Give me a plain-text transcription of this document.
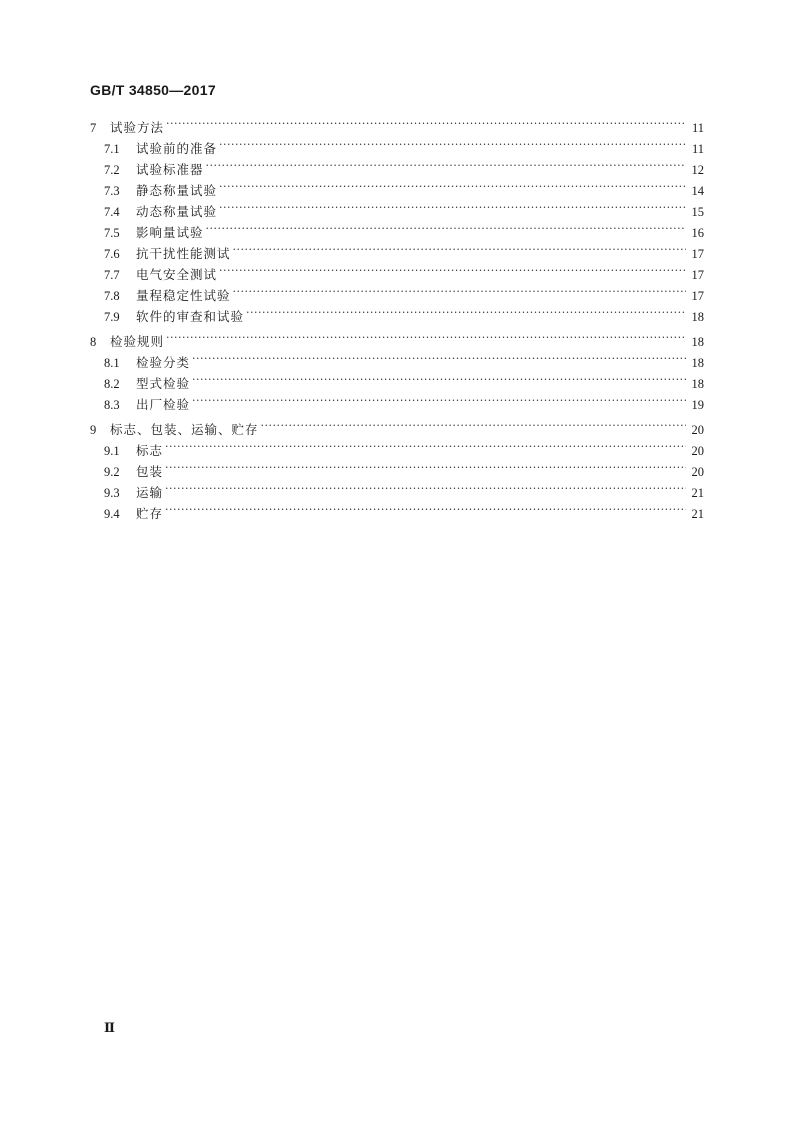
GB/T 34850—2017
7	试验方法 ·····	11
7.1	试验前的准备 ·····	11
7.2	试验标准器 ·····	12
7.3	静态称量试验 ·····	14
7.4	动态称量试验 ·····	15
7.5	影响量试验 ·····	16
7.6	抗干扰性能测试 ·····	17
7.7	电气安全测试 ·····	17
7.8	量程稳定性试验 ·····	17
7.9	软件的审查和试验 ·····	18
8	检验规则 ·····	18
8.1	检验分类 ·····	18
8.2	型式检验 ·····	18
8.3	出厂检验 ·····	19
9	标志、包装、运输、贮存 ·····	20
9.1	标志 ·····	20
9.2	包装 ·····	20
9.3	运输 ·····	21
9.4	贮存 ·····	21
Ⅱ
